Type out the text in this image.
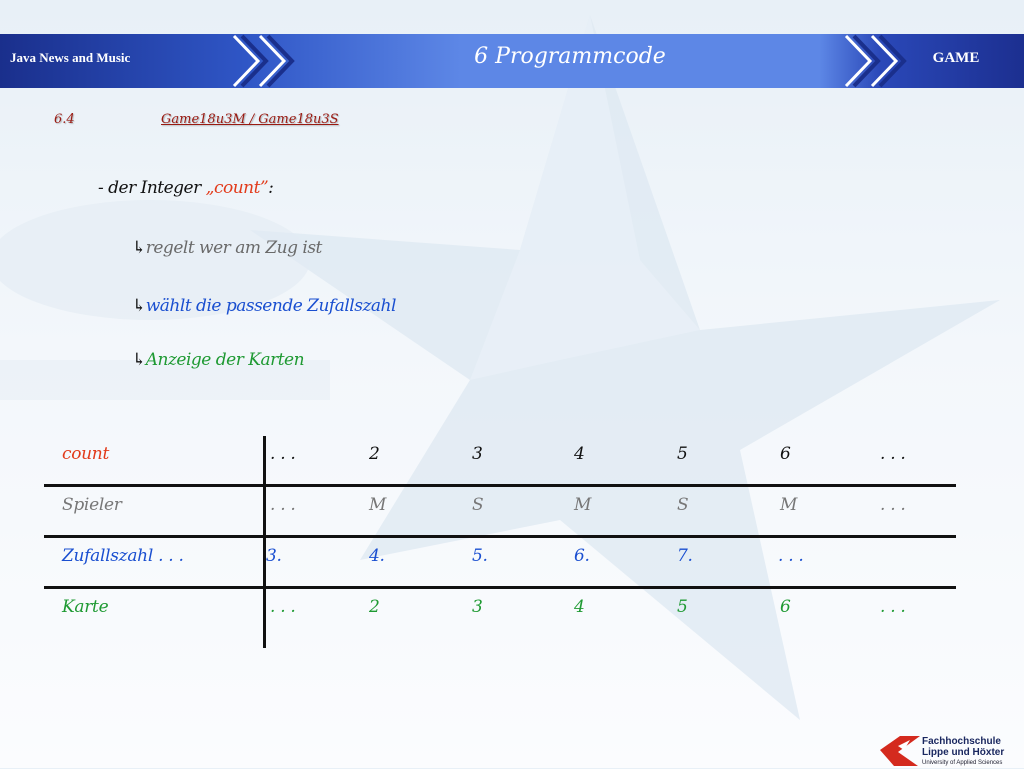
Java News and Music	6 Programmcode	GAME
6.4	Game18u3M / Game18u3S
- der Integer „count”:
↳regelt wer am Zug ist
↳wählt die passende Zufallszahl
↳Anzeige der Karten
count	. . .	2	3	4	5	6	. . .
Spieler	. . .	M	S	M	S	M	. . .
Zufallszahl . . .	3.	4.	5.	6.	7.	. . .
Karte	. . .	2	3	4	5	6	. . .
Fachhochschule
Lippe und Höxter
University of Applied Sciences
